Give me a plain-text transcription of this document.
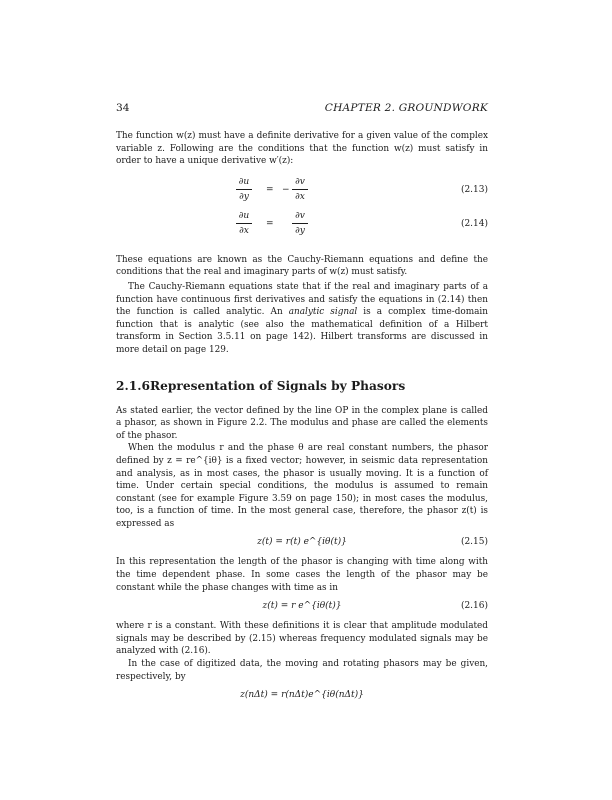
34	CHAPTER 2. GROUNDWORK

The function w(z) must have a definite derivative for a given value of the complex variable z. Following are the conditions that the function w(z) must satisfy in order to have a unique derivative w′(z):

∂u
∂y
= −
∂v
∂x
(2.13)
∂u
∂x
=
∂v
∂y
(2.14)

These equations are known as the Cauchy-Riemann equations and define the conditions that the real and imaginary parts of w(z) must satisfy.

The Cauchy-Riemann equations state that if the real and imaginary parts of a function have continuous first derivatives and satisfy the equations in (2.14) then the function is called analytic. An analytic signal is a complex time-domain function that is analytic (see also the mathematical definition of a Hilbert transform in Section 3.5.11 on page 142). Hilbert transforms are discussed in more detail on page 129.

2.1.6Representation of Signals by Phasors

As stated earlier, the vector defined by the line OP in the complex plane is called a phasor, as shown in Figure 2.2. The modulus and phase are called the elements of the phasor.

When the modulus r and the phase θ are real constant numbers, the phasor defined by z = re^{iθ} is a fixed vector; however, in seismic data representation and analysis, as in most cases, the phasor is usually moving. It is a function of time. Under certain special conditions, the modulus is assumed to remain constant (see for example Figure 3.59 on page 150); in most cases the modulus, too, is a function of time. In the most general case, therefore, the phasor z(t) is expressed as

z(t) = r(t) e^{iθ(t)}	(2.15)

In this representation the length of the phasor is changing with time along with the time dependent phase. In some cases the length of the phasor may be constant while the phase changes with time as in

z(t) = r e^{iθ(t)}	(2.16)

where r is a constant. With these definitions it is clear that amplitude modulated signals may be described by (2.15) whereas frequency modulated signals may be analyzed with (2.16).

In the case of digitized data, the moving and rotating phasors may be given, respectively, by

z(nΔt) = r(nΔt)e^{iθ(nΔt)}
